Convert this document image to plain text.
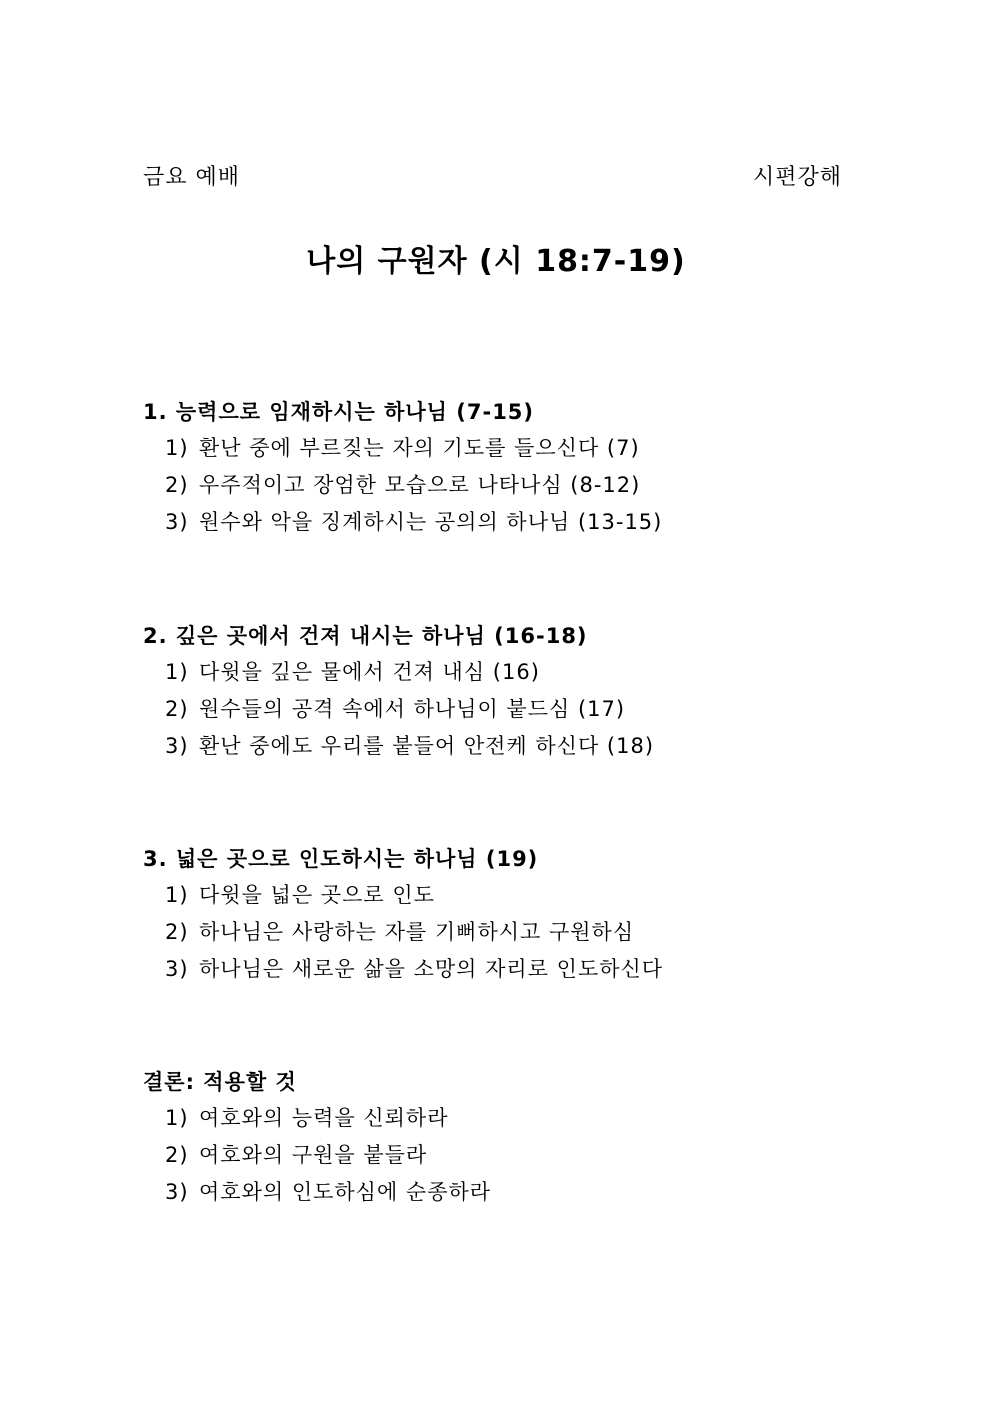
금요 예배	시편강해
나의 구원자 (시 18:7-19)
1. 능력으로 임재하시는 하나님 (7-15)
1) 환난 중에 부르짖는 자의 기도를 들으신다 (7)
2) 우주적이고 장엄한 모습으로 나타나심 (8-12)
3) 원수와 악을 징계하시는 공의의 하나님 (13-15)
2. 깊은 곳에서 건져 내시는 하나님 (16-18)
1) 다윗을 깊은 물에서 건져 내심 (16)
2) 원수들의 공격 속에서 하나님이 붙드심 (17)
3) 환난 중에도 우리를 붙들어 안전케 하신다 (18)
3. 넓은 곳으로 인도하시는 하나님 (19)
1) 다윗을 넓은 곳으로 인도
2) 하나님은 사랑하는 자를 기뻐하시고 구원하심
3) 하나님은 새로운 삶을 소망의 자리로 인도하신다
결론: 적용할 것
1) 여호와의 능력을 신뢰하라
2) 여호와의 구원을 붙들라
3) 여호와의 인도하심에 순종하라
